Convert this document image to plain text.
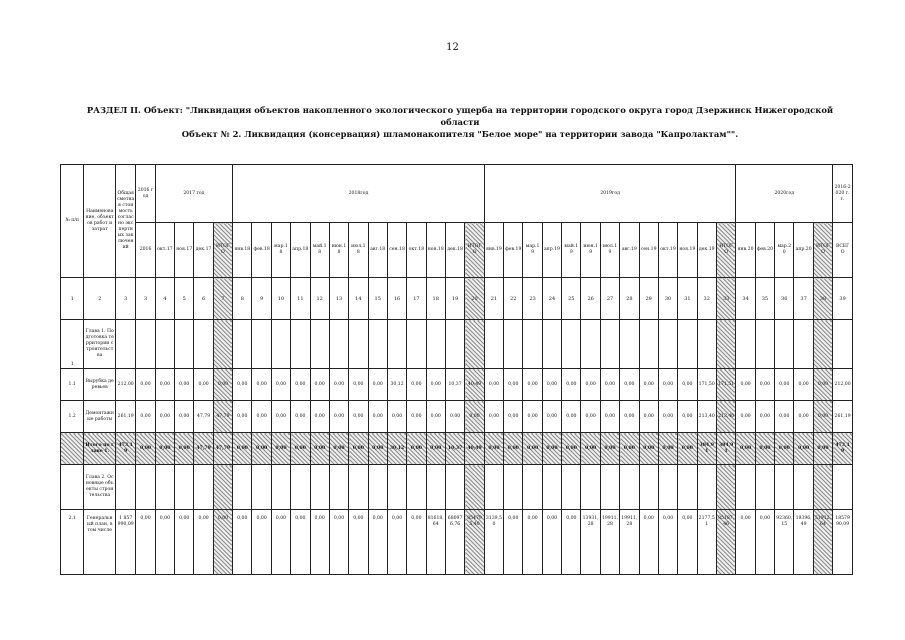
12
РАЗДЕЛ II. Объект: "Ликвидация объектов накопленного экологического ущерба на территории городского округа город Дзержинск Нижегородской
области
Объект № 2. Ликвидация (консервация) шламонакопителя "Белое море" на территории завода "Капролактам"".
№ п/п	Наименование, объектов работ и затрат	Общая сметная стоимость согласно экспертных заключений	2016 год	2017 год				2018год													2019год													2020год					2016-2020 г.г.
			2016	окт.17	ноя.17	дек.17	ИТОГО	янв.18	фев.18	мар.18	апр.18	май.18	июн.18	июл.18	авг.18	сен.18	окт.18	ноя.18	дек.18	ИТОГО	янв.19	фев.19	мар.19	апр.19	май.19	июн.19	июл.19	авг.19	сен.19	окт.19	ноя.19	дек.19	ИТОГО	янв.20	фев.20	мар.20	апр.20	ИТОГО	ВСЕГО
1	2	3	3	4	5	6	7	8	9	10	11	12	13	14	15	16	17	18	19	20	21	22	23	24	25	26	27	28	29	30	31	32	33	34	35	36	37	38	39
1	Глава 1. Подготовка территории строительства																																						
1.1	Вырубка деревьев	212,00	0,00	0,00	0,00	0,00	0,00	0,00	0,00	0,00	0,00	0,00	0,00	0,00	0,00	30,12	0,00	0,00	10,37	40,49	0,00	0,00	0,00	0,00	0,00	0,00	0,00	0,00	0,00	0,00	0,00	171,50	171,51	0,00	0,00	0,00	0,00	0,00	212,00
1.2	Демонтажные работы	261,19	0,00	0,00	0,00	47,79	47,79	0,00	0,00	0,00	0,00	0,00	0,00	0,00	0,00	0,00	0,00	0,00	0,00	0,00	0,00	0,00	0,00	0,00	0,00	0,00	0,00	0,00	0,00	0,00	0,00	213,40	213,40	0,00	0,00	0,00	0,00	0,00	261,19
	Итого по главе 1.	473,19	0,00	0,00	0,00	47,79	47,79	0,00	0,00	0,00	0,00	0,00	0,00	0,00	0,00	30,12	0,00	0,00	10,37	40,49	0,00	0,00	0,00	0,00	0,00	0,00	0,00	0,00	0,00	0,00	0,00	384,91	384,91	0,00	0,00	0,00	0,00	0,00	473,19
	Глава 2. Основные объекты строительства																																						
2.1	Генеральный план, в том числе	1 857 990,09	0,00	0,00	0,00	0,00	0,00	0,00	0,00	0,00	0,00	0,00	0,00	0,00	0,00	0,00	0,00	81618,64	680976,76	854795,40	3139,50	0,00	0,00	0,00	0,00	13931,28	19911,28	19911,28	0,00	0,00	0,00	2177,51	85187,46	0,00	0,00	92360,15	19396,49	51912,64	1857990,09
